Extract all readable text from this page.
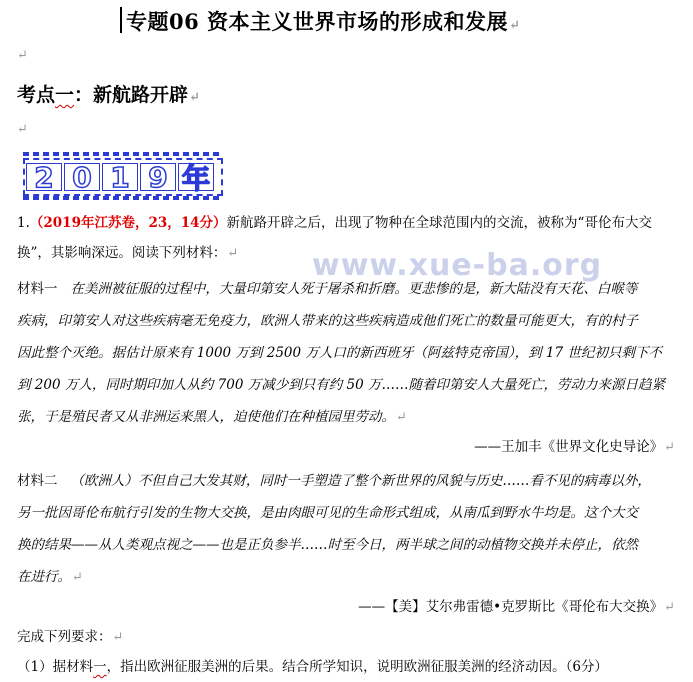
专题06 资本主义世界市场的形成和发展↵
↵
考点一：新航路开辟↵
↵
2 0 1 9 年
www.xue-ba.org
1.（2019年江苏卷，23，14分）新航路开辟之后，出现了物种在全球范围内的交流，被称为“哥伦布大交
换”，其影响深远。阅读下列材料：↵
材料一 在美洲被征服的过程中，大量印第安人死于屠杀和折磨。更悲惨的是，新大陆没有天花、白喉等
疾病，印第安人对这些疾病毫无免疫力，欧洲人带来的这些疾病造成他们死亡的数量可能更大，有的村子
因此整个灭绝。据估计原来有 1000 万到 2500 万人口的新西班牙（阿兹特克帝国），到 17 世纪初只剩下不
到 200 万人，同时期印加人从约 700 万减少到只有约 50 万……随着印第安人大量死亡，劳动力来源日趋紧
张，于是殖民者又从非洲运来黑人，迫使他们在种植园里劳动。↵
——王加丰《世界文化史导论》↵
材料二 （欧洲人）不但自己大发其财，同时一手塑造了整个新世界的风貌与历史……看不见的病毒以外，
另一批因哥伦布航行引发的生物大交换，是由肉眼可见的生命形式组成，从南瓜到野水牛均是。这个大交
换的结果——从人类观点视之——也是正负参半……时至今日，两半球之间的动植物交换并未停止，依然
在进行。↵
——【美】艾尔弗雷德•克罗斯比《哥伦布大交换》↵
完成下列要求：↵
（1）据材料一，指出欧洲征服美洲的后果。结合所学知识，说明欧洲征服美洲的经济动因。（6分）
